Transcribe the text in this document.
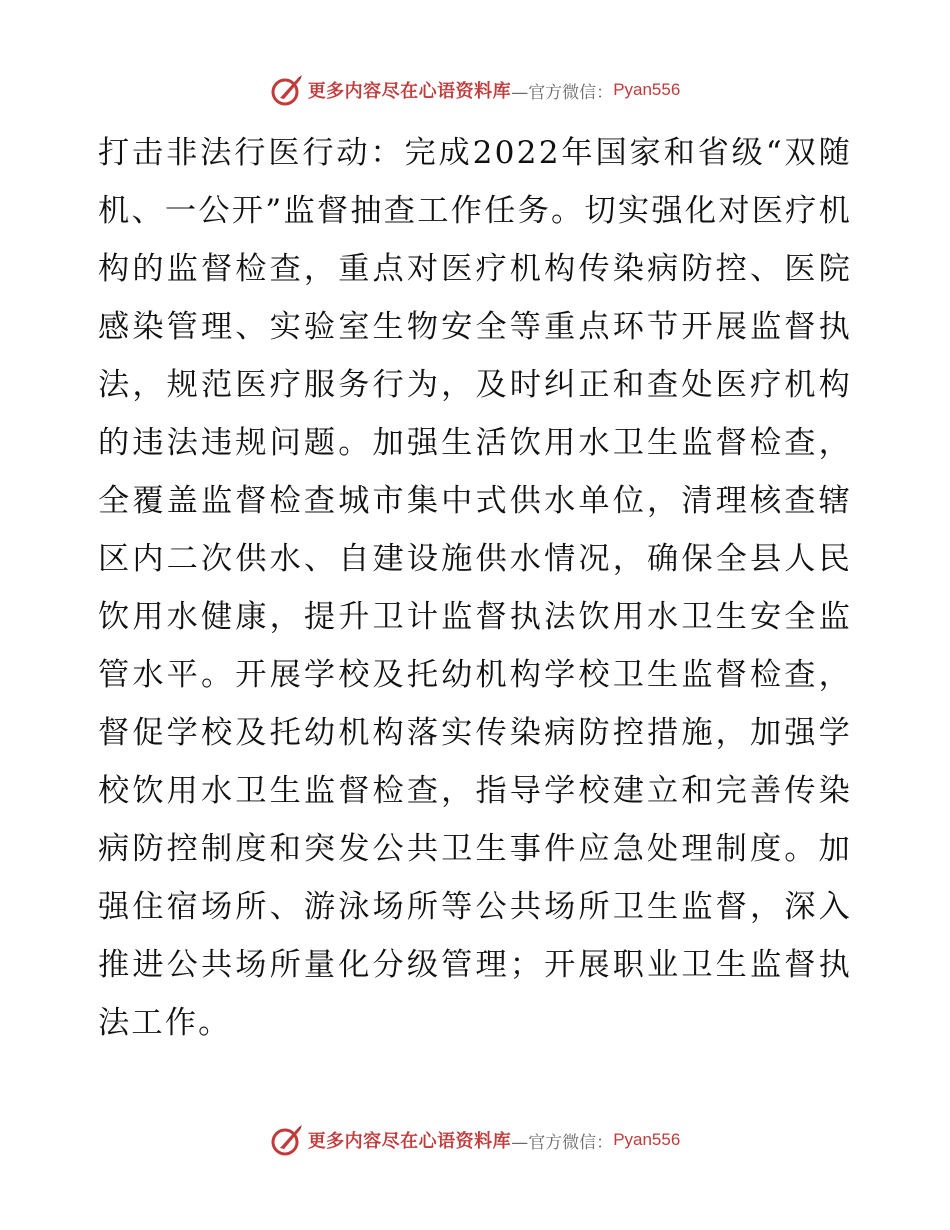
更多内容尽在心语资料库 —官方微信： Pyan556

打击非法行医行动：完成2022年国家和省级“双随机、一公开”监督抽查工作任务。切实强化对医疗机构的监督检查，重点对医疗机构传染病防控、医院感染管理、实验室生物安全等重点环节开展监督执法，规范医疗服务行为，及时纠正和查处医疗机构的违法违规问题。加强生活饮用水卫生监督检查，全覆盖监督检查城市集中式供水单位，清理核查辖区内二次供水、自建设施供水情况，确保全县人民饮用水健康，提升卫计监督执法饮用水卫生安全监管水平。开展学校及托幼机构学校卫生监督检查，督促学校及托幼机构落实传染病防控措施，加强学校饮用水卫生监督检查，指导学校建立和完善传染病防控制度和突发公共卫生事件应急处理制度。加强住宿场所、游泳场所等公共场所卫生监督，深入推进公共场所量化分级管理；开展职业卫生监督执法工作。

更多内容尽在心语资料库 —官方微信： Pyan556
